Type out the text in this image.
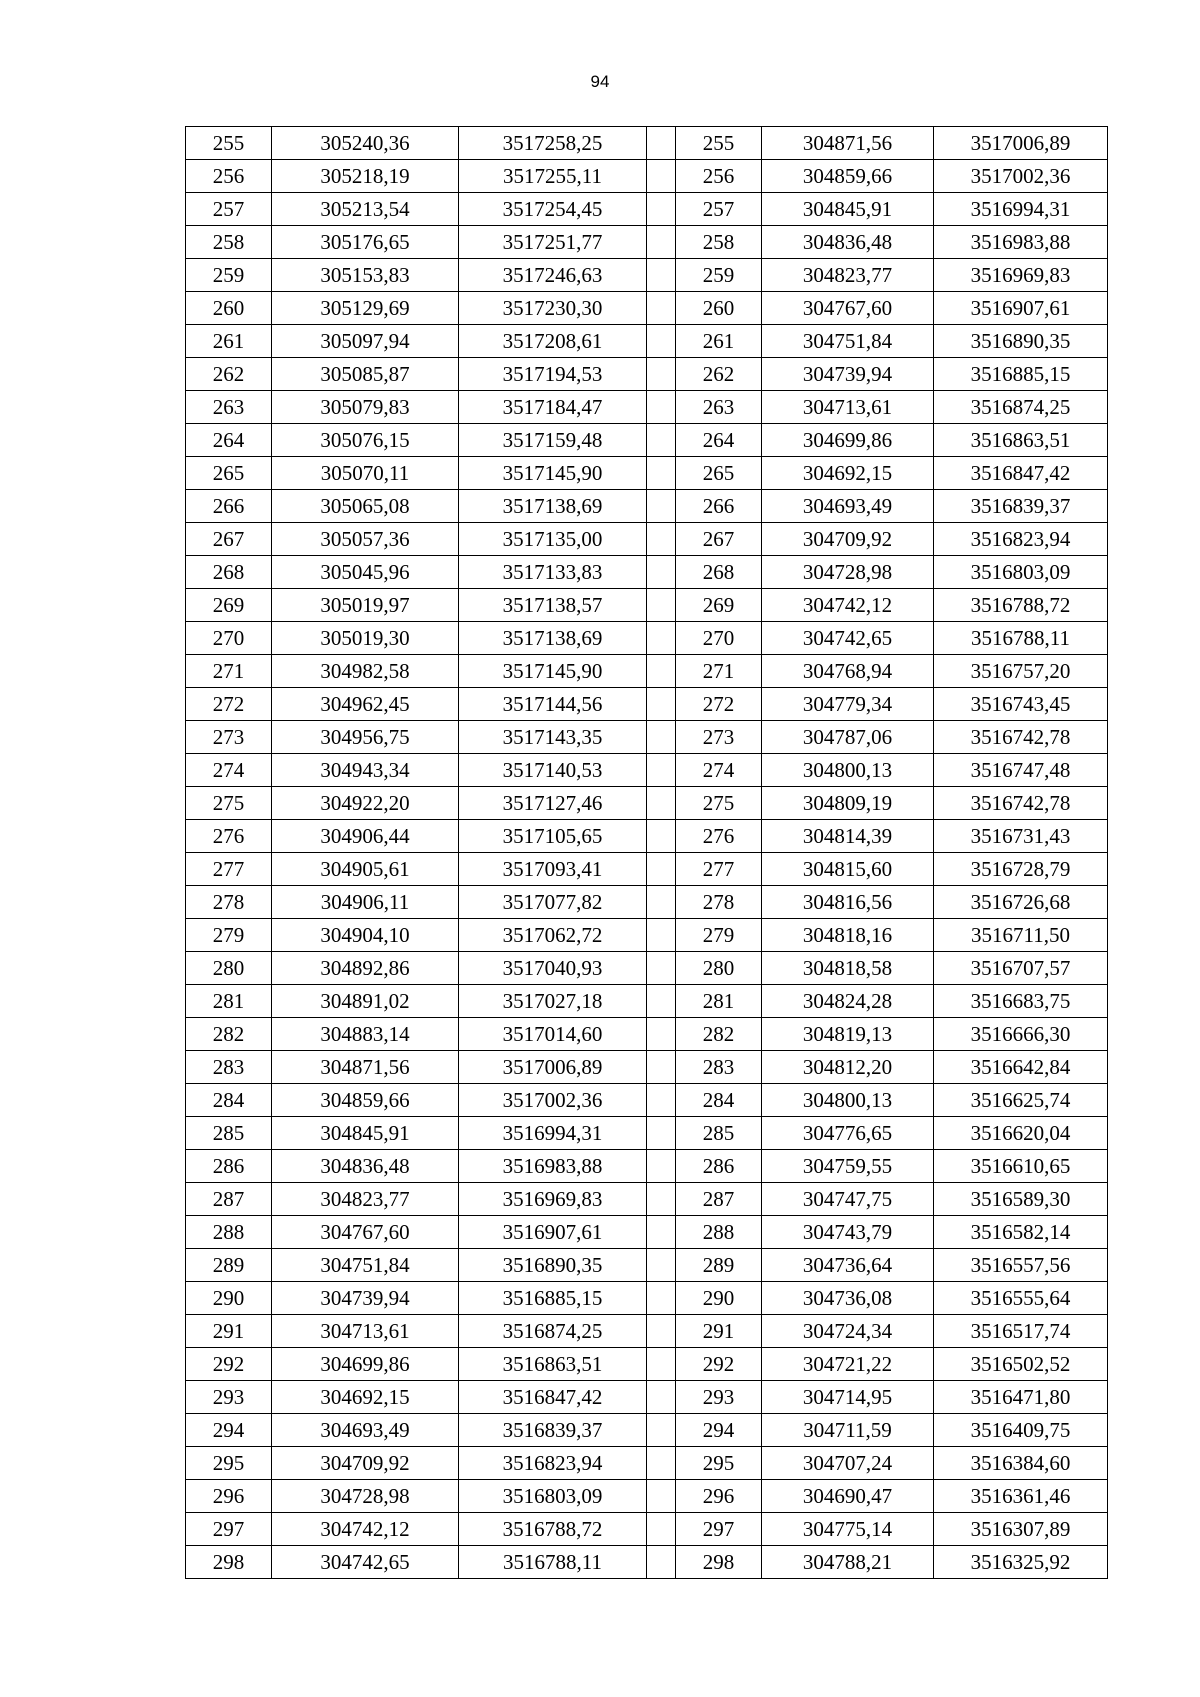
94
255	305240,36	3517258,25		255	304871,56	3517006,89
256	305218,19	3517255,11		256	304859,66	3517002,36
257	305213,54	3517254,45		257	304845,91	3516994,31
258	305176,65	3517251,77		258	304836,48	3516983,88
259	305153,83	3517246,63		259	304823,77	3516969,83
260	305129,69	3517230,30		260	304767,60	3516907,61
261	305097,94	3517208,61		261	304751,84	3516890,35
262	305085,87	3517194,53		262	304739,94	3516885,15
263	305079,83	3517184,47		263	304713,61	3516874,25
264	305076,15	3517159,48		264	304699,86	3516863,51
265	305070,11	3517145,90		265	304692,15	3516847,42
266	305065,08	3517138,69		266	304693,49	3516839,37
267	305057,36	3517135,00		267	304709,92	3516823,94
268	305045,96	3517133,83		268	304728,98	3516803,09
269	305019,97	3517138,57		269	304742,12	3516788,72
270	305019,30	3517138,69		270	304742,65	3516788,11
271	304982,58	3517145,90		271	304768,94	3516757,20
272	304962,45	3517144,56		272	304779,34	3516743,45
273	304956,75	3517143,35		273	304787,06	3516742,78
274	304943,34	3517140,53		274	304800,13	3516747,48
275	304922,20	3517127,46		275	304809,19	3516742,78
276	304906,44	3517105,65		276	304814,39	3516731,43
277	304905,61	3517093,41		277	304815,60	3516728,79
278	304906,11	3517077,82		278	304816,56	3516726,68
279	304904,10	3517062,72		279	304818,16	3516711,50
280	304892,86	3517040,93		280	304818,58	3516707,57
281	304891,02	3517027,18		281	304824,28	3516683,75
282	304883,14	3517014,60		282	304819,13	3516666,30
283	304871,56	3517006,89		283	304812,20	3516642,84
284	304859,66	3517002,36		284	304800,13	3516625,74
285	304845,91	3516994,31		285	304776,65	3516620,04
286	304836,48	3516983,88		286	304759,55	3516610,65
287	304823,77	3516969,83		287	304747,75	3516589,30
288	304767,60	3516907,61		288	304743,79	3516582,14
289	304751,84	3516890,35		289	304736,64	3516557,56
290	304739,94	3516885,15		290	304736,08	3516555,64
291	304713,61	3516874,25		291	304724,34	3516517,74
292	304699,86	3516863,51		292	304721,22	3516502,52
293	304692,15	3516847,42		293	304714,95	3516471,80
294	304693,49	3516839,37		294	304711,59	3516409,75
295	304709,92	3516823,94		295	304707,24	3516384,60
296	304728,98	3516803,09		296	304690,47	3516361,46
297	304742,12	3516788,72		297	304775,14	3516307,89
298	304742,65	3516788,11		298	304788,21	3516325,92
